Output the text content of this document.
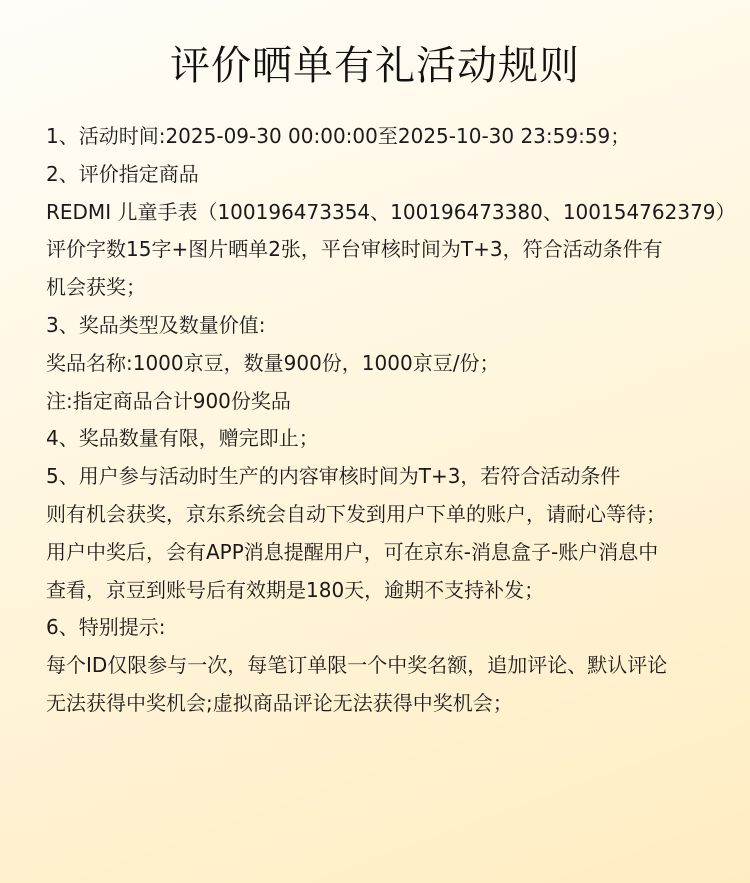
评价晒单有礼活动规则
1、活动时间:2025-09-30 00:00:00至2025-10-30 23:59:59；
2、评价指定商品
REDMI 儿童手表（100196473354、100196473380、100154762379）
评价字数15字+图片晒单2张，平台审核时间为T+3，符合活动条件有
机会获奖；
3、奖品类型及数量价值:
奖品名称:1000京豆，数量900份，1000京豆/份；
注:指定商品合计900份奖品
4、奖品数量有限，赠完即止；
5、用户参与活动时生产的内容审核时间为T+3，若符合活动条件
则有机会获奖，京东系统会自动下发到用户下单的账户，请耐心等待；
用户中奖后，会有APP消息提醒用户，可在京东-消息盒子-账户消息中
查看，京豆到账号后有效期是180天，逾期不支持补发；
6、特别提示:
每个ID仅限参与一次，每笔订单限一个中奖名额，追加评论、默认评论
无法获得中奖机会;虚拟商品评论无法获得中奖机会；
